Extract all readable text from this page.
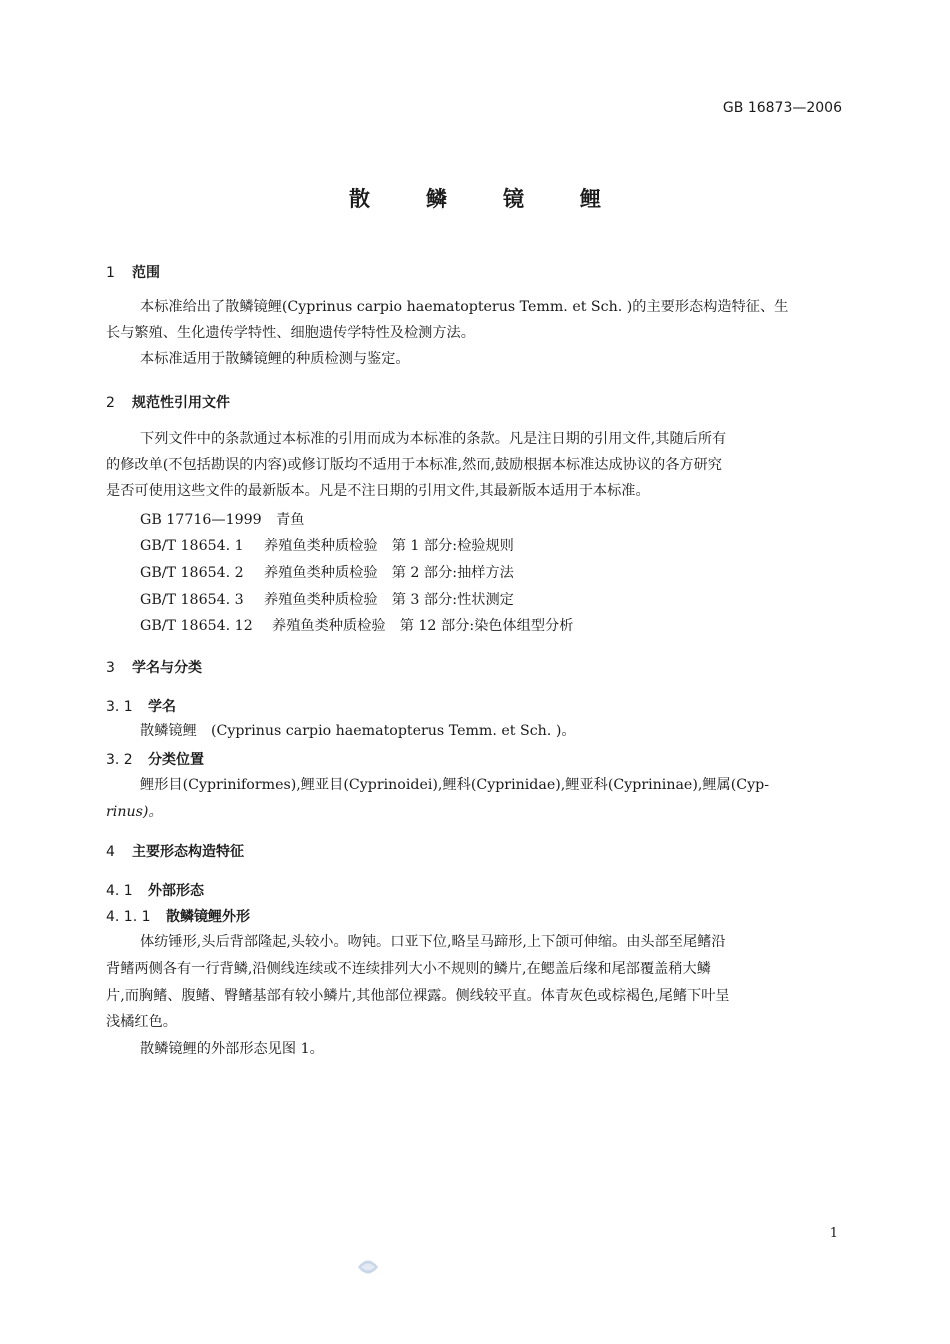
GB 16873—2006
散	鳞	镜	鲤
1 范围
本标准给出了散鳞镜鲤(Cyprinus carpio haematopterus Temm. et Sch. )的主要形态构造特征、生
长与繁殖、生化遗传学特性、细胞遗传学特性及检测方法。
本标准适用于散鳞镜鲤的种质检测与鉴定。
2 规范性引用文件
下列文件中的条款通过本标准的引用而成为本标准的条款。凡是注日期的引用文件,其随后所有
的修改单(不包括勘误的内容)或修订版均不适用于本标准,然而,鼓励根据本标准达成协议的各方研究
是否可使用这些文件的最新版本。凡是不注日期的引用文件,其最新版本适用于本标准。
GB 17716—1999 青鱼
GB/T 18654. 1 养殖鱼类种质检验　第 1 部分:检验规则
GB/T 18654. 2 养殖鱼类种质检验　第 2 部分:抽样方法
GB/T 18654. 3 养殖鱼类种质检验　第 3 部分:性状测定
GB/T 18654. 12 养殖鱼类种质检验　第 12 部分:染色体组型分析
3 学名与分类
3. 1 学名
散鳞镜鲤　(Cyprinus carpio haematopterus Temm. et Sch. )。
3. 2 分类位置
鲤形目(Cypriniformes),鲤亚目(Cyprinoidei),鲤科(Cyprinidae),鲤亚科(Cyprininae),鲤属(Cyp-
rinus)。
4 主要形态构造特征
4. 1 外部形态
4. 1. 1 散鳞镜鲤外形
体纺锤形,头后背部隆起,头较小。吻钝。口亚下位,略呈马蹄形,上下颌可伸缩。由头部至尾鳍沿
背鳍两侧各有一行背鳞,沿侧线连续或不连续排列大小不规则的鳞片,在鳃盖后缘和尾部覆盖稍大鳞
片,而胸鳍、腹鳍、臀鳍基部有较小鳞片,其他部位裸露。侧线较平直。体青灰色或棕褐色,尾鳍下叶呈
浅橘红色。
散鳞镜鲤的外部形态见图 1。
1
